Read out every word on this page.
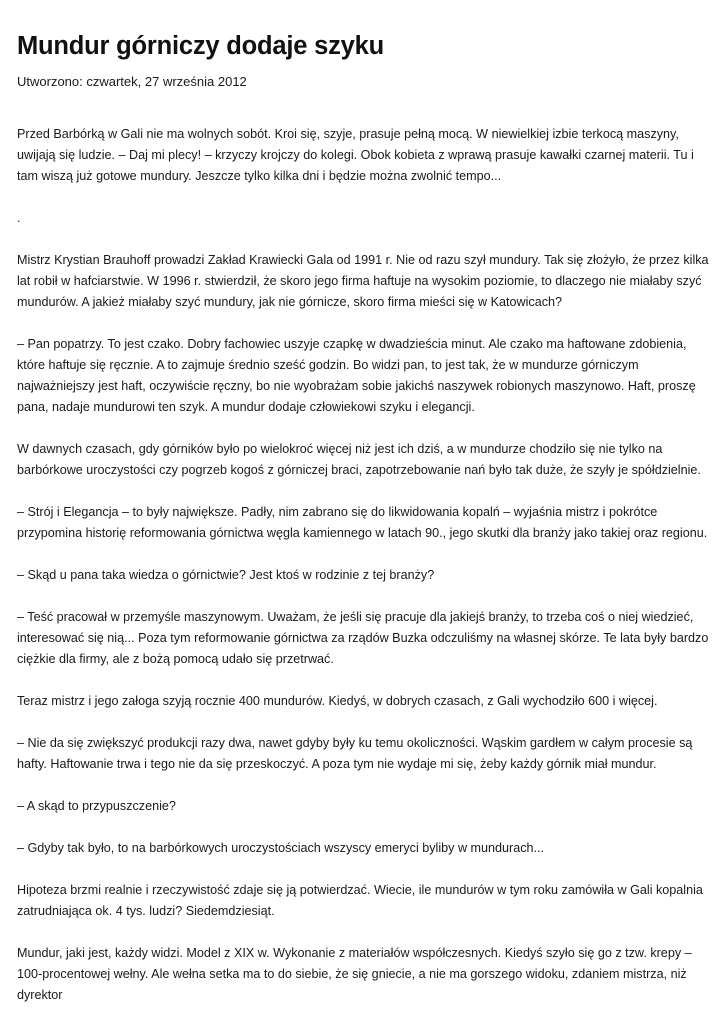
Mundur górniczy dodaje szyku

Utworzono: czwartek, 27 września 2012

Przed Barbórką w Gali nie ma wolnych sobót. Kroi się, szyje, prasuje pełną mocą. W niewielkiej izbie terkocą maszyny, uwijają się ludzie. – Daj mi plecy! – krzyczy krojczy do kolegi. Obok kobieta z wprawą prasuje kawałki czarnej materii. Tu i tam wiszą już gotowe mundury. Jeszcze tylko kilka dni i będzie można zwolnić tempo...

.

Mistrz Krystian Brauhoff prowadzi Zakład Krawiecki Gala od 1991 r. Nie od razu szył mundury. Tak się złożyło, że przez kilka lat robił w hafciarstwie. W 1996 r. stwierdził, że skoro jego firma haftuje na wysokim poziomie, to dlaczego nie miałaby szyć mundurów. A jakież miałaby szyć mundury, jak nie górnicze, skoro firma mieści się w Katowicach?

– Pan popatrzy. To jest czako. Dobry fachowiec uszyje czapkę w dwadzieścia minut. Ale czako ma haftowane zdobienia, które haftuje się ręcznie. A to zajmuje średnio sześć godzin. Bo widzi pan, to jest tak, że w mundurze górniczym najważniejszy jest haft, oczywiście ręczny, bo nie wyobrażam sobie jakichś naszywek robionych maszynowo. Haft, proszę pana, nadaje mundurowi ten szyk. A mundur dodaje człowiekowi szyku i elegancji.

W dawnych czasach, gdy górników było po wielokroć więcej niż jest ich dziś, a w mundurze chodziło się nie tylko na barbórkowe uroczystości czy pogrzeb kogoś z górniczej braci, zapotrzebowanie nań było tak duże, że szyły je spółdzielnie.

– Strój i Elegancja – to były największe. Padły, nim zabrano się do likwidowania kopalń – wyjaśnia mistrz i pokrótce przypomina historię reformowania górnictwa węgla kamiennego w latach 90., jego skutki dla branży jako takiej oraz regionu.

– Skąd u pana taka wiedza o górnictwie? Jest ktoś w rodzinie z tej branży?

– Teść pracował w przemyśle maszynowym. Uważam, że jeśli się pracuje dla jakiejś branży, to trzeba coś o niej wiedzieć, interesować się nią... Poza tym reformowanie górnictwa za rządów Buzka odczuliśmy na własnej skórze. Te lata były bardzo ciężkie dla firmy, ale z bożą pomocą udało się przetrwać.

Teraz mistrz i jego załoga szyją rocznie 400 mundurów. Kiedyś, w dobrych czasach, z Gali wychodziło 600 i więcej.

– Nie da się zwiększyć produkcji razy dwa, nawet gdyby były ku temu okoliczności. Wąskim gardłem w całym procesie są hafty. Haftowanie trwa i tego nie da się przeskoczyć. A poza tym nie wydaje mi się, żeby każdy górnik miał mundur.

– A skąd to przypuszczenie?

– Gdyby tak było, to na barbórkowych uroczystościach wszyscy emeryci byliby w mundurach...

Hipoteza brzmi realnie i rzeczywistość zdaje się ją potwierdzać. Wiecie, ile mundurów w tym roku zamówiła w Gali kopalnia zatrudniająca ok. 4 tys. ludzi? Siedemdziesiąt.

Mundur, jaki jest, każdy widzi. Model z XIX w. Wykonanie z materiałów współczesnych. Kiedyś szyło się go z tzw. krepy – 100-procentowej wełny. Ale wełna setka ma to do siebie, że się gniecie, a nie ma gorszego widoku, zdaniem mistrza, niż dyrektor
